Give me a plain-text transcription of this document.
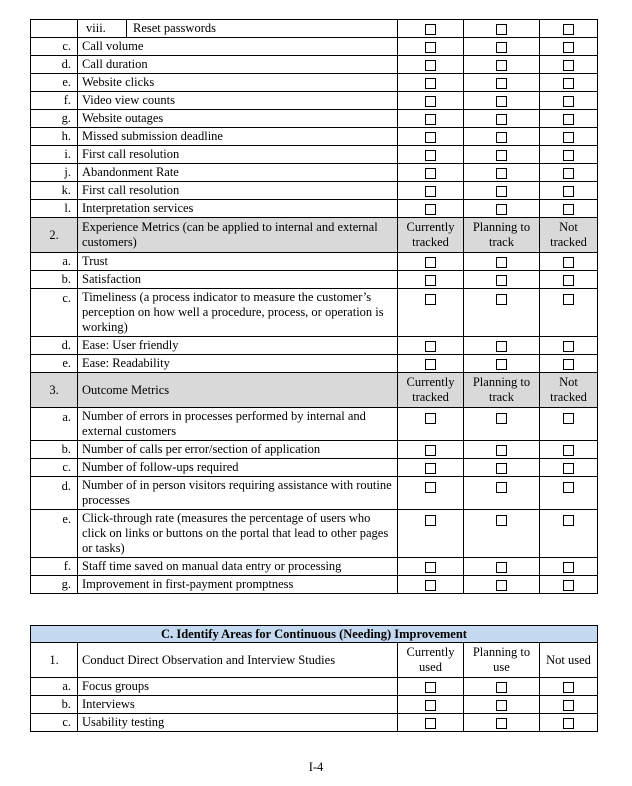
	viii. Reset passwords			
c.	Call volume			
d.	Call duration			
e.	Website clicks			
f.	Video view counts			
g.	Website outages			
h.	Missed submission deadline			
i.	First call resolution			
j.	Abandonment Rate			
k.	First call resolution			
l.	Interpretation services			
2.	Experience Metrics (can be applied to internal and external customers)	Currently tracked	Planning to track	Not tracked
a.	Trust			
b.	Satisfaction			
c.	Timeliness (a process indicator to measure the customer’s perception on how well a procedure, process, or operation is working)			
d.	Ease: User friendly			
e.	Ease: Readability			
3.	Outcome Metrics	Currently tracked	Planning to track	Not tracked
a.	Number of errors in processes performed by internal and external customers			
b.	Number of calls per error/section of application			
c.	Number of follow-ups required			
d.	Number of in person visitors requiring assistance with routine processes			
e.	Click-through rate (measures the percentage of users who click on links or buttons on the portal that lead to other pages or tasks)			
f.	Staff time saved on manual data entry or processing			
g.	Improvement in first-payment promptness			
C. Identify Areas for Continuous (Needing) Improvement				
1.	Conduct Direct Observation and Interview Studies	Currently used	Planning to use	Not used
a.	Focus groups			
b.	Interviews			
c.	Usability testing			
I-4
